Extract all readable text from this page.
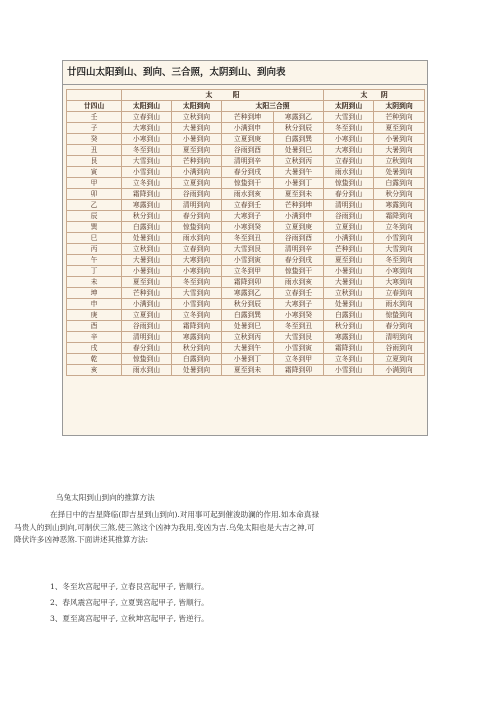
廿四山太阳到山、到向、三合照，太阴到山、到向表
	太　　　阳				太　　阴	
廿四山	太阳到山	太阳到向	太阳三合照		太阴到山	太阴到向
壬	立春到山	立秋到向	芒种到坤	寒露到乙	大雪到山	芒种到向
子	大寒到山	大暑到向	小满到申	秋分到辰	冬至到山	夏至到向
癸	小寒到山	小暑到向	立夏到庚	白露到巽	小寒到山	小暑到向
丑	冬至到山	夏至到向	谷雨到酉	处暑到巳	大寒到山	大暑到向
艮	大雪到山	芒种到向	清明到辛	立秋到丙	立春到山	立秋到向
寅	小雪到山	小满到向	春分到戌	大暑到午	雨水到山	处暑到向
甲	立冬到山	立夏到向	惊蛰到干	小暑到丁	惊蛰到山	白露到向
卯	霜降到山	谷雨到向	雨水到亥	夏至到未	春分到山	秋分到向
乙	寒露到山	清明到向	立春到壬	芒种到坤	清明到山	寒露到向
辰	秋分到山	春分到向	大寒到子	小满到申	谷雨到山	霜降到向
巽	白露到山	惊蛰到向	小寒到癸	立夏到庚	立夏到山	立冬到向
巳	处暑到山	雨水到向	冬至到丑	谷雨到酉	小满到山	小雪到向
丙	立秋到山	立春到向	大雪到艮	清明到辛	芒种到山	大雪到向
午	大暑到山	大寒到向	小雪到寅	春分到戌	夏至到山	冬至到向
丁	小暑到山	小寒到向	立冬到甲	惊蛰到干	小暑到山	小寒到向
未	夏至到山	冬至到向	霜降到卯	雨水到亥	大暑到山	大寒到向
坤	芒种到山	大雪到向	寒露到乙	立春到壬	立秋到山	立春到向
申	小满到山	小雪到向	秋分到辰	大寒到子	处暑到山	雨水到向
庚	立夏到山	立冬到向	白露到巽	小寒到癸	白露到山	惊蛰到向
酉	谷雨到山	霜降到向	处暑到巳	冬至到丑	秋分到山	春分到向
辛	清明到山	寒露到向	立秋到丙	大雪到艮	寒露到山	清明到向
戌	春分到山	秋分到向	大暑到午	小雪到寅	霜降到山	谷雨到向
乾	惊蛰到山	白露到向	小暑到丁	立冬到甲	立冬到山	立夏到向
亥	雨水到山	处暑到向	夏至到未	霜降到卯	小雪到山	小满到向

乌兔太阳到山到向的推算方法

在择日中的吉星降临(即吉星到山到向).对用事可起到催浚助澜的作用.如本命真禄

马贵人的到山到向,可制伏三煞,使三煞这个凶神为我用,变凶为吉.乌兔太阳也是大吉之神,可

降伏许多凶神恶煞.下面讲述其推算方法:

1、冬至坎宫起甲子, 立春艮宫起甲子, 皆顺行。
2、春风震宫起甲子, 立夏巽宫起甲子, 皆顺行。
3、夏至离宫起甲子, 立秋坤宫起甲子, 皆逆行。
